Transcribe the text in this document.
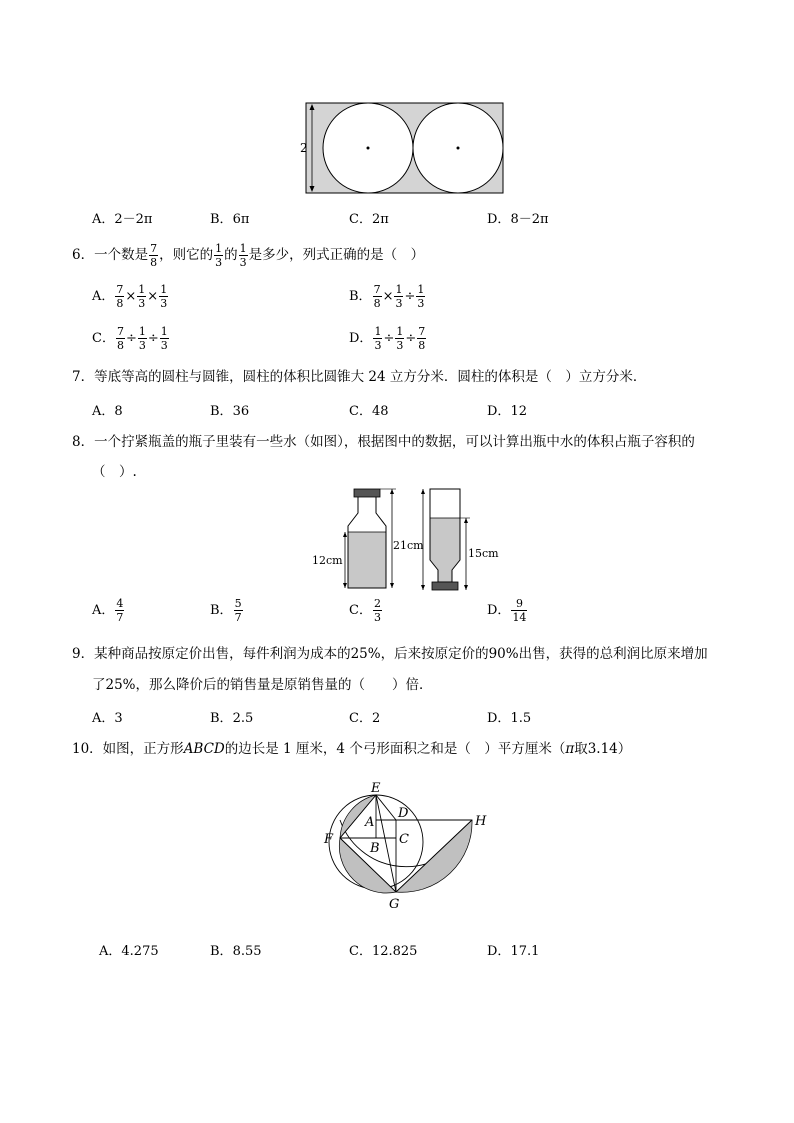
2
A．2－2π	B．6π	C．2π	D．8－2π
6．一个数是 $\frac{7}{8}$ ，则它的 $\frac{1}{3}$ 的 $\frac{1}{3}$ 是多少，列式正确的是（　）
A． $\frac{7}{8} \times \frac{1}{3} \times \frac{1}{3}$	B． $\frac{7}{8} \times \frac{1}{3} \div \frac{1}{3}$
C． $\frac{7}{8} \div \frac{1}{3} \div \frac{1}{3}$	D． $\frac{1}{3} \div \frac{1}{3} \div \frac{7}{8}$
7．等底等高的圆柱与圆锥，圆柱的体积比圆锥大 24 立方分米．圆柱的体积是（　）立方分米．
A．8	B．36	C．48	D．12
8．一个拧紧瓶盖的瓶子里装有一些水（如图），根据图中的数据，可以计算出瓶中水的体积占瓶子容积的
（　）.
12cm
21cm
15cm
A． $\frac{4}{7}$	B． $\frac{5}{7}$	C． $\frac{2}{3}$	D． $\frac{9}{14}$
9．某种商品按原定价出售，每件利润为成本的25%，后来按原定价的90%出售，获得的总利润比原来增加
了25%，那么降价后的销售量是原销售量的（　　）倍．
A．3	B．2.5	C．2	D．1.5
10．如图，正方形ABCD的边长是 1 厘米，4 个弓形面积之和是（　）平方厘米（π取3.14）
E
D
A	H
F
B
C
G
A．4.275	B．8.55	C．12.825	D．17.1
